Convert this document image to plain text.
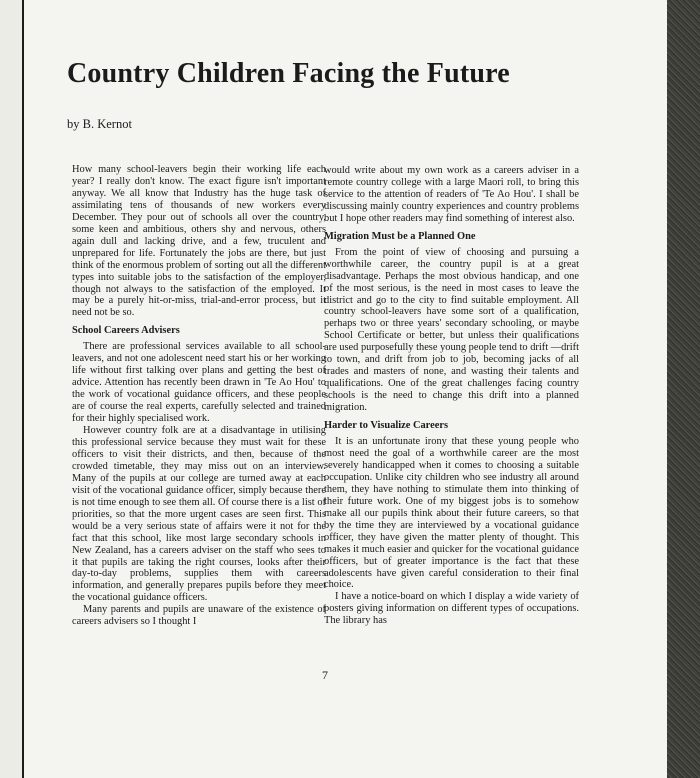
Country Children Facing the Future
by B. Kernot

How many school-leavers begin their working life each year? I really don't know. The exact figure isn't important anyway. We all know that Industry has the huge task of assimilating tens of thousands of new workers every December. They pour out of schools all over the country, some keen and ambitious, others shy and nervous, others again dull and lacking drive, and a few, truculent and unprepared for life. Fortunately the jobs are there, but just think of the enormous problem of sorting out all the different types into suitable jobs to the satisfaction of the employer, though not always to the satisfaction of the employed. It may be a purely hit-or-miss, trial-and-error process, but it need not be so.

School Careers Advisers

There are professional services available to all school-leavers, and not one adolescent need start his or her working life without first talking over plans and getting the best of advice. Attention has recently been drawn in 'Te Ao Hou' to the work of vocational guidance officers, and these people are of course the real experts, carefully selected and trained for their highly specialised work.

However country folk are at a disadvantage in utilising this professional service because they must wait for these officers to visit their districts, and then, because of the crowded timetable, they may miss out on an interview. Many of the pupils at our college are turned away at each visit of the vocational guidance officer, simply because there is not time enough to see them all. Of course there is a list of priorities, so that the more urgent cases are seen first. This would be a very serious state of affairs were it not for the fact that this school, like most large secondary schools in New Zealand, has a careers adviser on the staff who sees to it that pupils are taking the right courses, looks after their day-to-day problems, supplies them with careers information, and generally prepares pupils before they meet the vocational guidance officers.

Many parents and pupils are unaware of the existence of careers advisers so I thought I

would write about my own work as a careers adviser in a remote country college with a large Maori roll, to bring this service to the attention of readers of 'Te Ao Hou'. I shall be discussing mainly country experiences and country problems but I hope other readers may find something of interest also.

Migration Must be a Planned One

From the point of view of choosing and pursuing a worthwhile career, the country pupil is at a great disadvantage. Perhaps the most obvious handicap, and one of the most serious, is the need in most cases to leave the district and go to the city to find suitable employment. All country school-leavers have some sort of a qualification, perhaps two or three years' secondary schooling, or maybe School Certificate or better, but unless their qualifications are used purposefully these young people tend to drift —drift to town, and drift from job to job, becoming jacks of all trades and masters of none, and wasting their talents and qualifications. One of the great challenges facing country schools is the need to change this drift into a planned migration.

Harder to Visualize Careers

It is an unfortunate irony that these young people who most need the goal of a worthwhile career are the most severely handicapped when it comes to choosing a suitable occupation. Unlike city children who see industry all around them, they have nothing to stimulate them into thinking of their future work. One of my biggest jobs is to somehow make all our pupils think about their future careers, so that by the time they are interviewed by a vocational guidance officer, they have given the matter plenty of thought. This makes it much easier and quicker for the vocational guidance officers, but of greater importance is the fact that these adolescents have given careful consideration to their final choice.

I have a notice-board on which I display a wide variety of posters giving information on different types of occupations. The library has

7
